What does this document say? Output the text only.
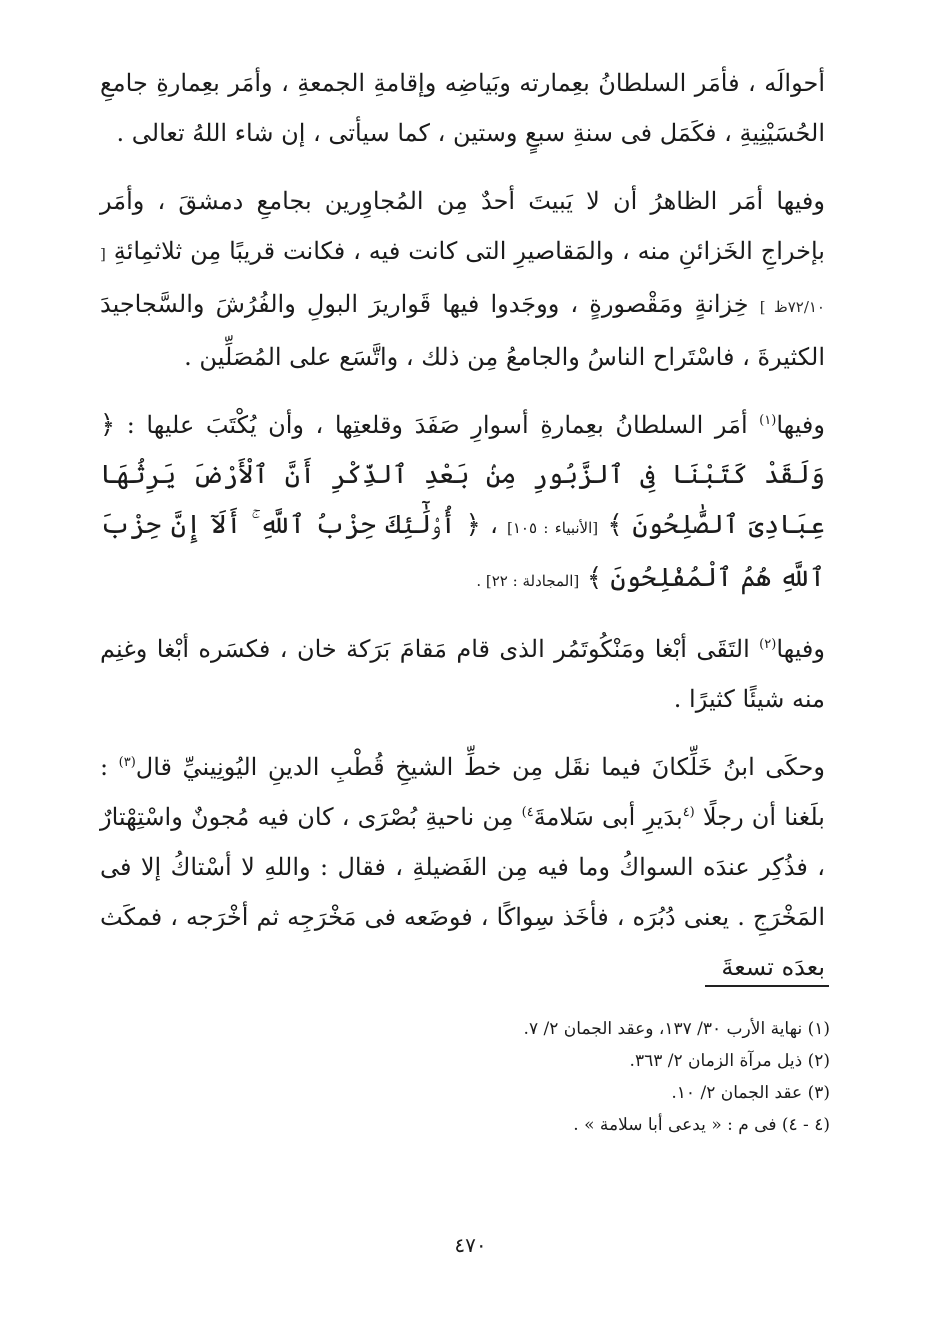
أحوالَه ، فأمَر السلطانُ بعِمارته وبَياضِه وإقامةِ الجمعةِ ، وأمَر بعِمارةِ جامعِ الحُسَيْنِيةِ ، فكَمَل فى سنةِ سبعٍ وستين ، كما سيأتى ، إن شاء اللهُ تعالى .

وفيها أمَر الظاهرُ أن لا يَبيتَ أحدٌ مِن المُجاوِرين بجامعِ دمشقَ ، وأمَر بإخراجِ الخَزائنِ منه ، والمَقاصيرِ التى كانت فيه ، فكانت قريبًا مِن ثلاثمِائةِ [ ٧٢/١٠ظ ] خِزانةٍ ومَقْصورةٍ ، ووجَدوا فيها قَواريرَ البولِ والفُرُشَ والسَّجاجيدَ الكثيرةَ ، فاسْتَراح الناسُ والجامعُ مِن ذلك ، واتَّسَع على المُصَلِّين .

وفيها$^{(١)}$ أمَر السلطانُ بعِمارةِ أسوارِ صَفَدَ وقلعتِها ، وأن يُكْتَبَ عليها : ﴿ وَلَقَدْ كَتَبْنَا فِى ٱلزَّبُورِ مِنۢ بَعْدِ ٱلذِّكْرِ أَنَّ ٱلْأَرْضَ يَرِثُهَا عِبَادِىَ ٱلصَّٰلِحُونَ ﴾ [الأنبياء : ١٠٥] ، ﴿ أُو۟لَٰٓئِكَ حِزْبُ ٱللَّهِ ۚ أَلَآ إِنَّ حِزْبَ ٱللَّهِ هُمُ ٱلْمُفْلِحُونَ ﴾ [المجادلة : ٢٢] .

وفيها$^{(٢)}$ التَقَى أبْغا ومَنْكُوتَمُر الذى قام مَقامَ بَرَكة خان ، فكسَره أبْغا وغنِم منه شيئًا كثيرًا .

وحكَى ابنُ خَلِّكانَ فيما نقَل مِن خطِّ الشيخِ قُطْبِ الدينِ اليُونِينيِّ قال$^{(٣)}$ : بلَغنا أن رجلًا $^{(٤}$بدَيرِ أبى سَلامةَ$^{٤)}$ مِن ناحيةِ بُصْرَى ، كان فيه مُجونٌ واسْتِهْتارٌ ، فذُكِر عندَه السواكُ وما فيه مِن الفَضيلةِ ، فقال : واللهِ لا أسْتاكُ إلا فى المَخْرَجِ . يعنى دُبُرَه ، فأخَذ سِواكًا ، فوضَعه فى مَخْرَجِه ثم أخْرَجه ، فمكَث بعدَه تسعةَ

(١) نهاية الأرب ٣٠/ ١٣٧، وعقد الجمان ٢/ ٧.
(٢) ذيل مرآة الزمان ٢/ ٣٦٣.
(٣) عقد الجمان ٢/ ١٠.
(٤ - ٤) فى م : « يدعى أبا سلامة » .
٤٧٠
